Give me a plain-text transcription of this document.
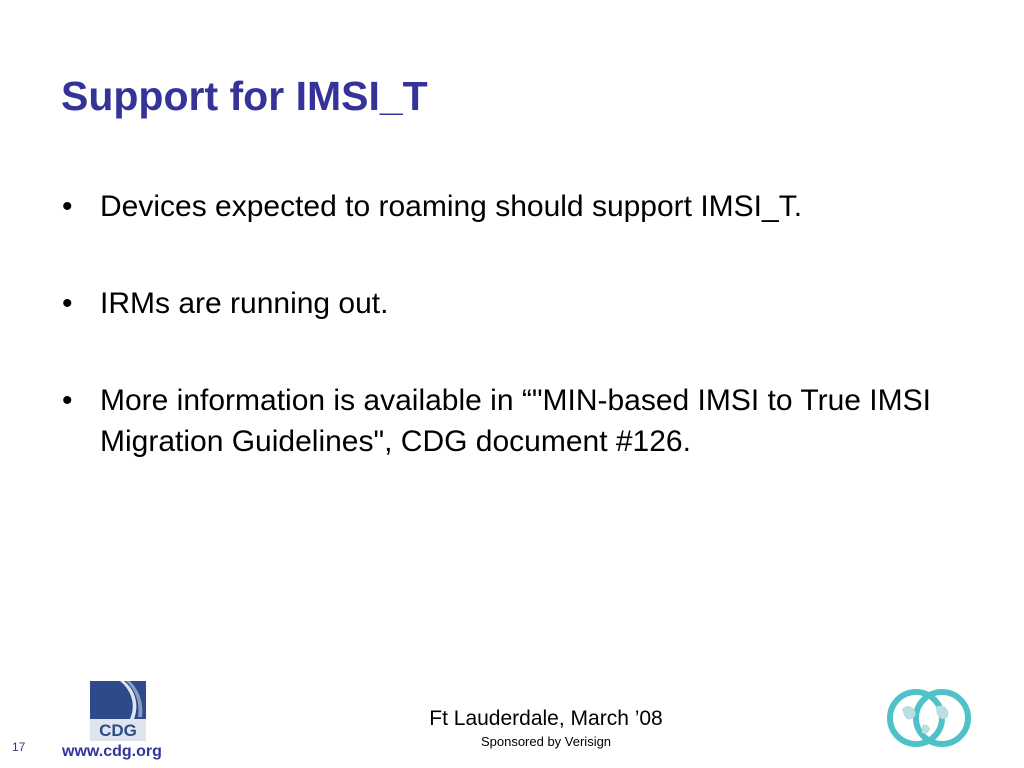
Support for IMSI_T
• Devices expected to roaming should support IMSI_T.
• IRMs are running out.
• More information is available in “"MIN-based IMSI to True IMSI Migration Guidelines", CDG document #126.
CDG
17 www.cdg.org
Ft Lauderdale, March ’08
Sponsored by Verisign
